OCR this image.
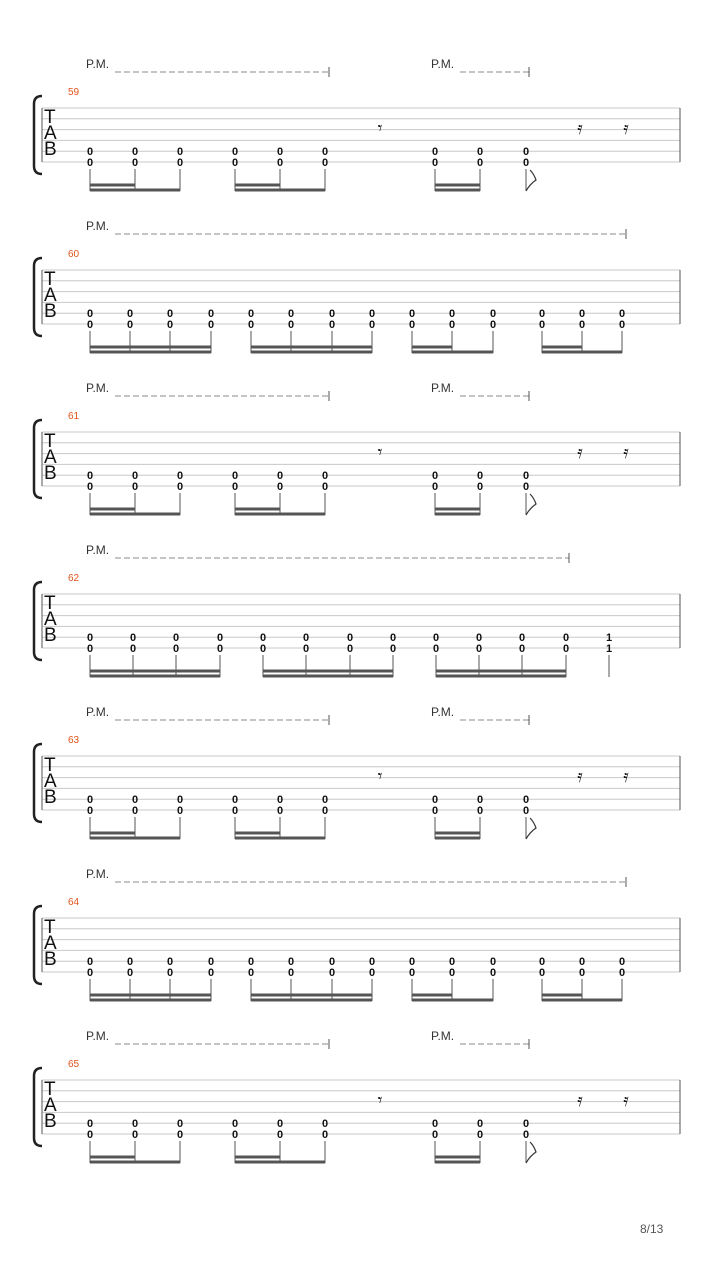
P.M.	P.M.
59
T
A
B	0
0
0
0
0
0
0
0
0
0
0
0
0
0
0
0
0
0
𝄾	𝄿 𝄿
P.M.
60
T
A
B	0
0
0
0
0
0
0
0
0
0
0
0
0
0
0
0
0
0
0
0
0
0
0
0
0
0
0
0
P.M.	P.M.
61
T
A
B	0
0
0
0
0
0
0
0
0
0
0
0
0
0
0
0
0
0
𝄾	𝄿 𝄿
P.M.
62
T
A
B	0
0
0
0
0
0
0
0
0
0
0
0
0
0
0
0
0
0
0
0
0
0
0
0
1
1
P.M.	P.M.
63
T
A
B	0
0
0
0
0
0
0
0
0
0
0
0
0
0
0
0
0
0
𝄾	𝄿 𝄿
P.M.
64
T
A
B	0
0
0
0
0
0
0
0
0
0
0
0
0
0
0
0
0
0
0
0
0
0
0
0
0
0
0
0
P.M.	P.M.
65
T
A
B	0
0
0
0
0
0
0
0
0
0
0
0
0
0
0
0
0
0
𝄾	𝄿 𝄿
8/13
